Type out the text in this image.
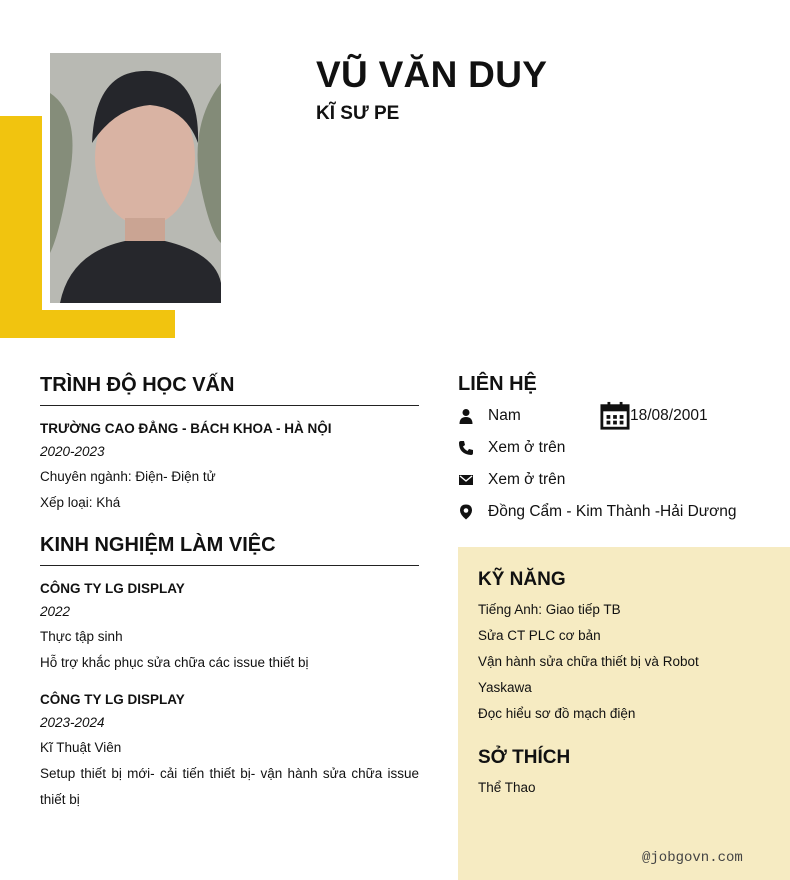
VŨ VĂN DUY
KĨ SƯ PE
TRÌNH ĐỘ HỌC VẤN
TRƯỜNG CAO ĐẲNG - BÁCH KHOA - HÀ NỘI
2020-2023
Chuyên ngành: Điện- Điện tử
Xếp loại: Khá
KINH NGHIỆM LÀM VIỆC
CÔNG TY LG DISPLAY
2022
Thực tập sinh
Hỗ trợ khắc phục sửa chữa các issue thiết bị
CÔNG TY LG DISPLAY
2023-2024
Kĩ Thuật Viên
Setup thiết bị mới- cải tiến thiết bị- vận hành sửa chữa issue thiết bị
LIÊN HỆ
Nam	18/08/2001
Xem ở trên
Xem ở trên
Đồng Cẩm - Kim Thành -Hải Dương
KỸ NĂNG
Tiếng Anh: Giao tiếp TB
Sửa CT PLC cơ bản
Vận hành sửa chữa thiết bị và Robot
Yaskawa
Đọc hiểu sơ đồ mạch điện
SỞ THÍCH
Thể Thao
@jobgovn.com
